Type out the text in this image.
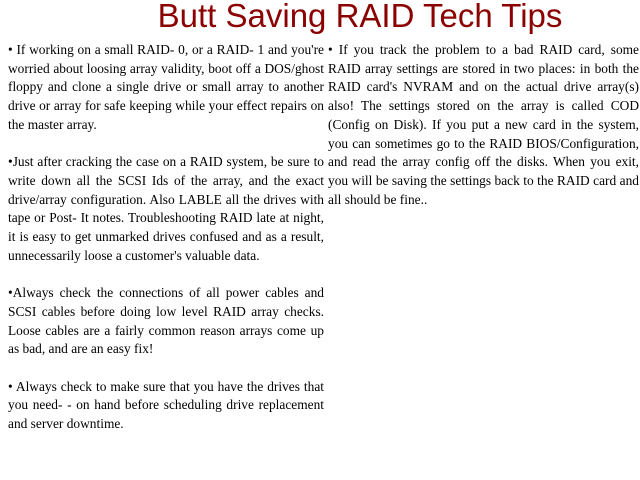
Butt Saving RAID Tech Tips

• If working on a small RAID- 0, or a RAID- 1 and you're worried about loosing array validity, boot off a DOS/ghost floppy and clone a single drive or small array to another drive or array for safe keeping while your effect repairs on the master array.

•Just after cracking the case on a RAID system, be sure to write down all the SCSI Ids of the array, and the exact drive/array configuration. Also LABLE all the drives with tape or Post- It notes. Troubleshooting RAID late at night, it is easy to get unmarked drives confused and as a result, unnecessarily loose a customer's valuable data.

•Always check the connections of all power cables and SCSI cables before doing low level RAID array checks. Loose cables are a fairly common reason arrays come up as bad, and are an easy fix!

• Always check to make sure that you have the drives that you need- - on hand before scheduling drive replacement and server downtime.

• If you track the problem to a bad RAID card, some RAID array settings are stored in two places: in both the RAID card's NVRAM and on the actual drive array(s) also! The settings stored on the array is called COD (Config on Disk). If you put a new card in the system, you can sometimes go to the RAID BIOS/Configuration, and read the array config off the disks. When you exit, you will be saving the settings back to the RAID card and all should be fine..
